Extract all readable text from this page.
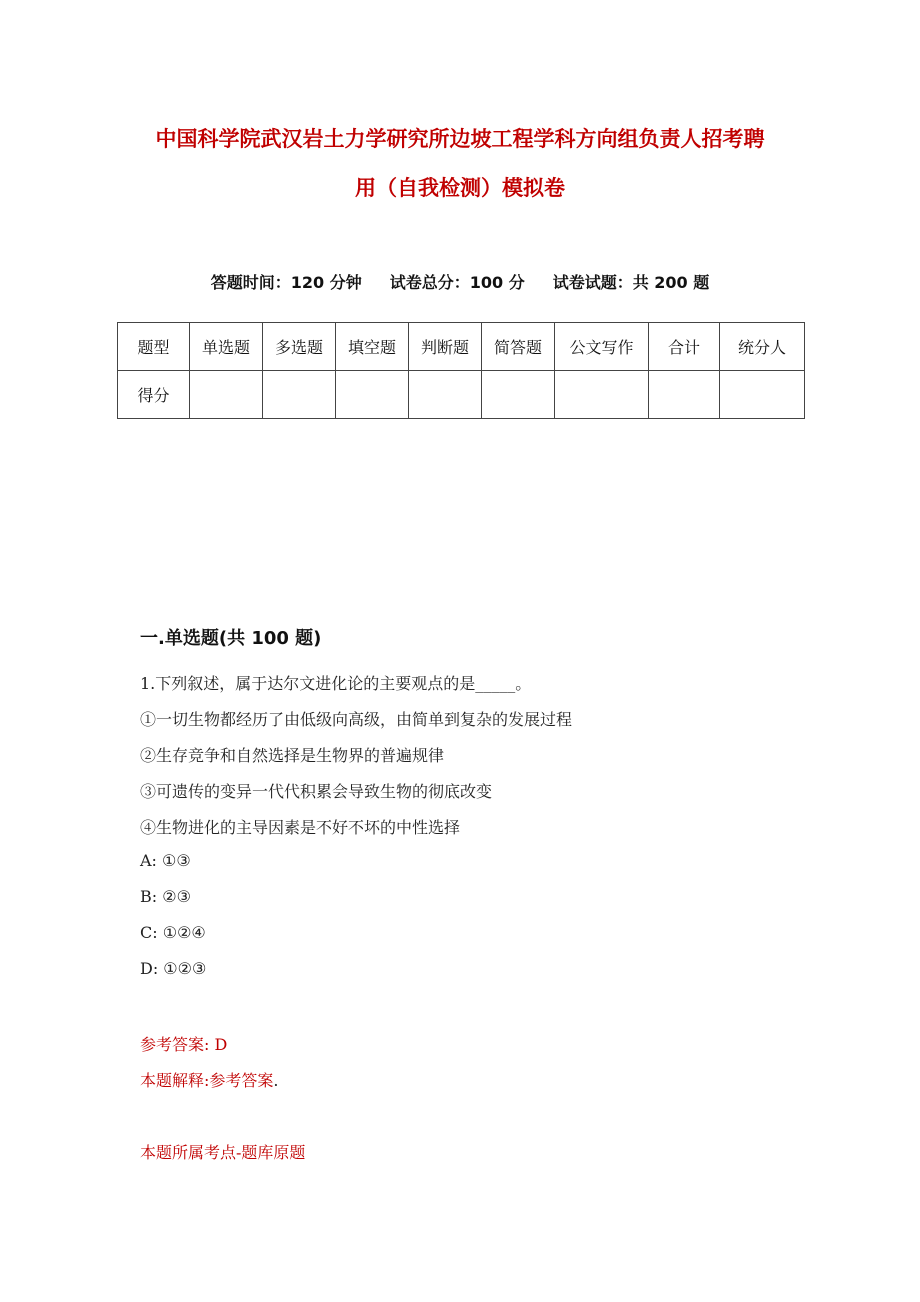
中国科学院武汉岩土力学研究所边坡工程学科方向组负责人招考聘
用（自我检测）模拟卷
答题时间：120 分钟 试卷总分：100 分 试卷试题：共 200 题
题型	单选题	多选题	填空题	判断题	简答题	公文写作	合计	统分人
得分								
一.单选题(共 100 题)
1.下列叙述，属于达尔文进化论的主要观点的是_____。
①一切生物都经历了由低级向高级，由简单到复杂的发展过程
②生存竞争和自然选择是生物界的普遍规律
③可遗传的变异一代代积累会导致生物的彻底改变
④生物进化的主导因素是不好不坏的中性选择
A: ①③
B: ②③
C: ①②④
D: ①②③
参考答案: D
本题解释:参考答案.
本题所属考点-题库原题
